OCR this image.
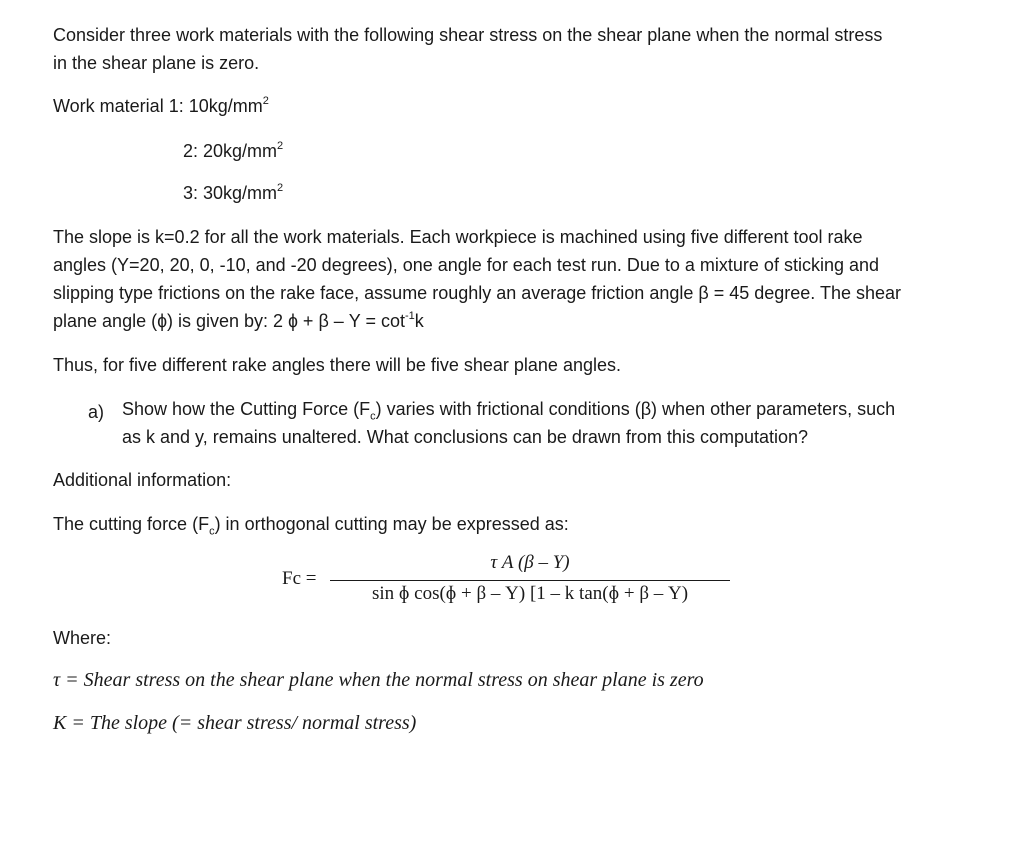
Consider three work materials with the following shear stress on the shear plane when the normal stress
in the shear plane is zero.

Work material 1: $10kg/mm^2$
2: $20kg/mm^2$
3: $30kg/mm^2$

The slope is k=0.2 for all the work materials. Each workpiece is machined using five different tool rake
angles (Y=20, 20, 0, -10, and -20 degrees), one angle for each test run. Due to a mixture of sticking and
slipping type frictions on the rake face, assume roughly an average friction angle β = 45 degree. The shear
plane angle (ɸ) is given by: 2 ɸ + $\beta - Y = \cot^{-1}k$

Thus, for five different rake angles there will be five shear plane angles.

a) Show how the Cutting Force $(F_c)$ varies with frictional conditions (β) when other parameters, such
as k and y, remains unaltered. What conclusions can be drawn from this computation?

Additional information:

The cutting force $(F_c)$ in orthogonal cutting may be expressed as:

Fc =
τ A (β – Y)
sin ɸ cos(ɸ + β – Y) [1 – k tan(ɸ + β – Y)

Where:

τ = Shear stress on the shear plane when the normal stress on shear plane is zero
K = The slope (= shear stress/ normal stress)
